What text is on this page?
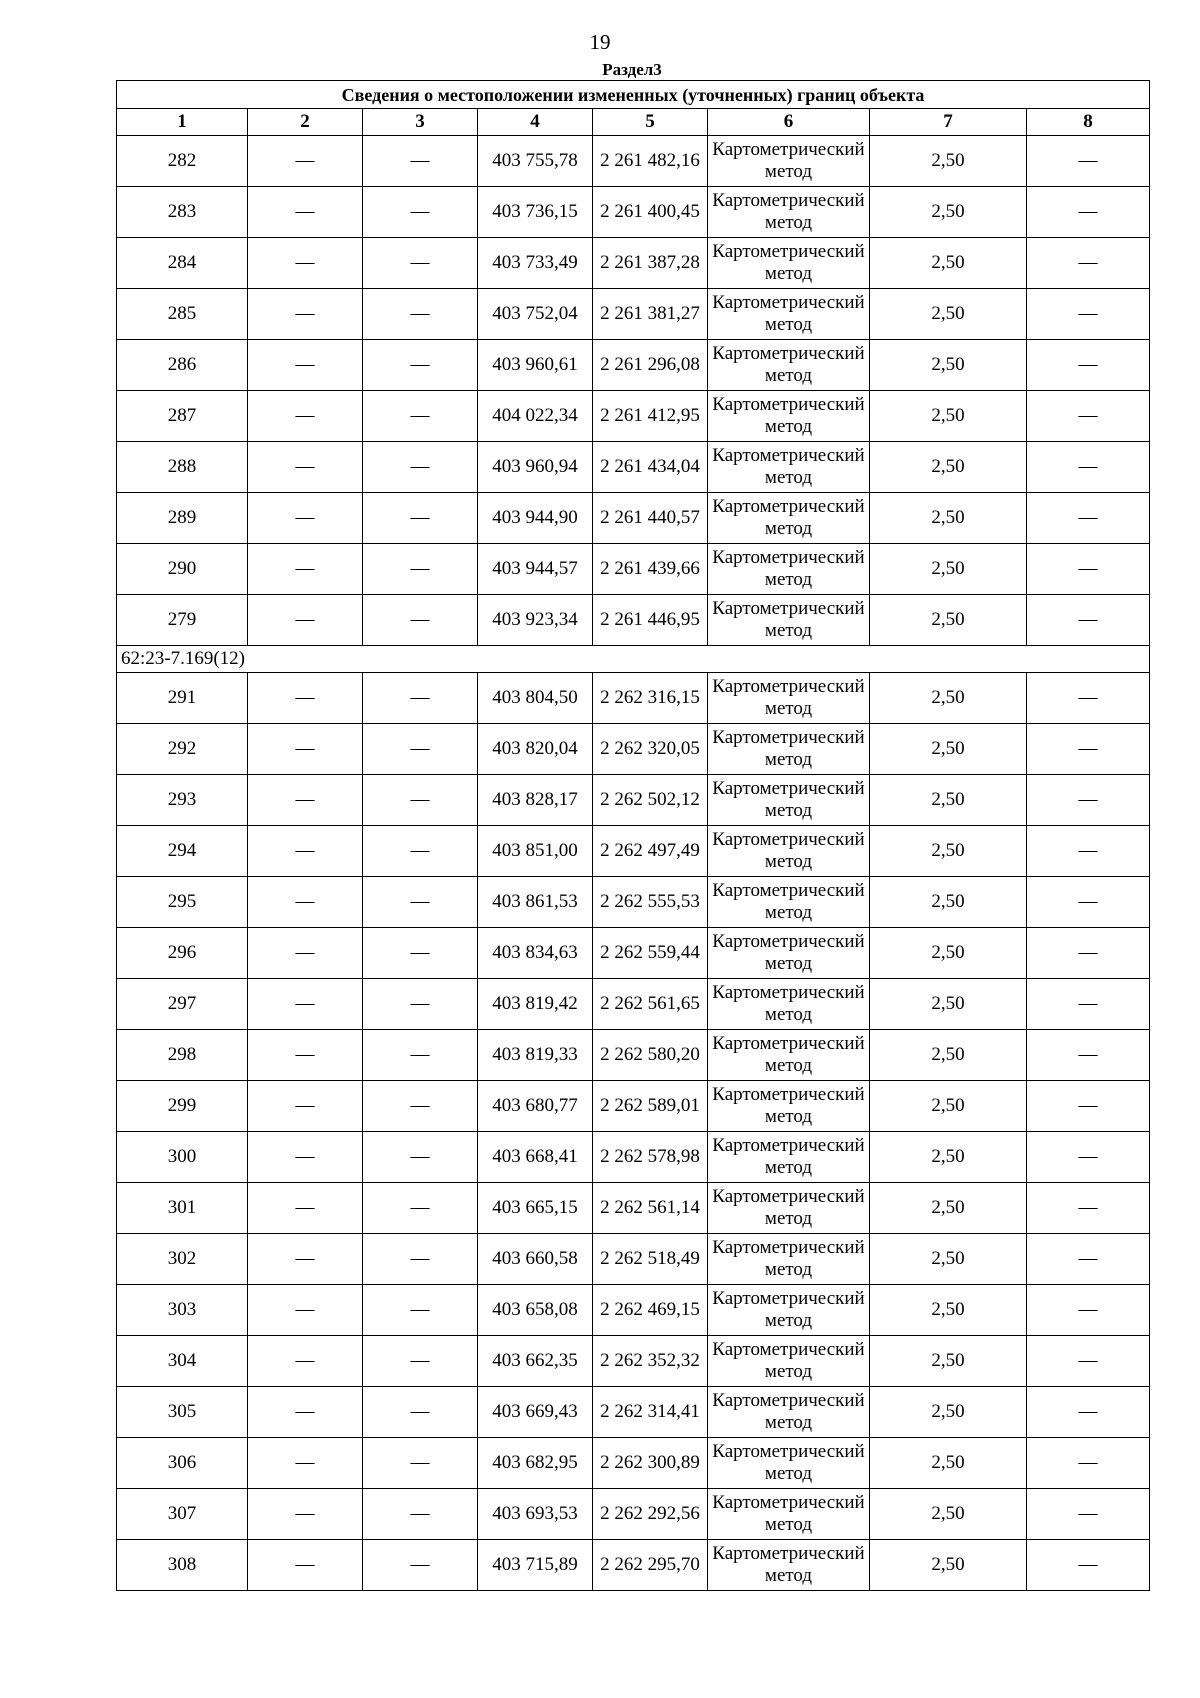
19
Раздел3
Сведения о местоположении измененных (уточненных) границ объекта							
1	2	3	4	5	6	7	8
282	—	—	403 755,78	2 261 482,16	Картометрический метод	2,50	—
283	—	—	403 736,15	2 261 400,45	Картометрический метод	2,50	—
284	—	—	403 733,49	2 261 387,28	Картометрический метод	2,50	—
285	—	—	403 752,04	2 261 381,27	Картометрический метод	2,50	—
286	—	—	403 960,61	2 261 296,08	Картометрический метод	2,50	—
287	—	—	404 022,34	2 261 412,95	Картометрический метод	2,50	—
288	—	—	403 960,94	2 261 434,04	Картометрический метод	2,50	—
289	—	—	403 944,90	2 261 440,57	Картометрический метод	2,50	—
290	—	—	403 944,57	2 261 439,66	Картометрический метод	2,50	—
279	—	—	403 923,34	2 261 446,95	Картометрический метод	2,50	—
62:23-7.169(12)							
291	—	—	403 804,50	2 262 316,15	Картометрический метод	2,50	—
292	—	—	403 820,04	2 262 320,05	Картометрический метод	2,50	—
293	—	—	403 828,17	2 262 502,12	Картометрический метод	2,50	—
294	—	—	403 851,00	2 262 497,49	Картометрический метод	2,50	—
295	—	—	403 861,53	2 262 555,53	Картометрический метод	2,50	—
296	—	—	403 834,63	2 262 559,44	Картометрический метод	2,50	—
297	—	—	403 819,42	2 262 561,65	Картометрический метод	2,50	—
298	—	—	403 819,33	2 262 580,20	Картометрический метод	2,50	—
299	—	—	403 680,77	2 262 589,01	Картометрический метод	2,50	—
300	—	—	403 668,41	2 262 578,98	Картометрический метод	2,50	—
301	—	—	403 665,15	2 262 561,14	Картометрический метод	2,50	—
302	—	—	403 660,58	2 262 518,49	Картометрический метод	2,50	—
303	—	—	403 658,08	2 262 469,15	Картометрический метод	2,50	—
304	—	—	403 662,35	2 262 352,32	Картометрический метод	2,50	—
305	—	—	403 669,43	2 262 314,41	Картометрический метод	2,50	—
306	—	—	403 682,95	2 262 300,89	Картометрический метод	2,50	—
307	—	—	403 693,53	2 262 292,56	Картометрический метод	2,50	—
308	—	—	403 715,89	2 262 295,70	Картометрический метод	2,50	—
